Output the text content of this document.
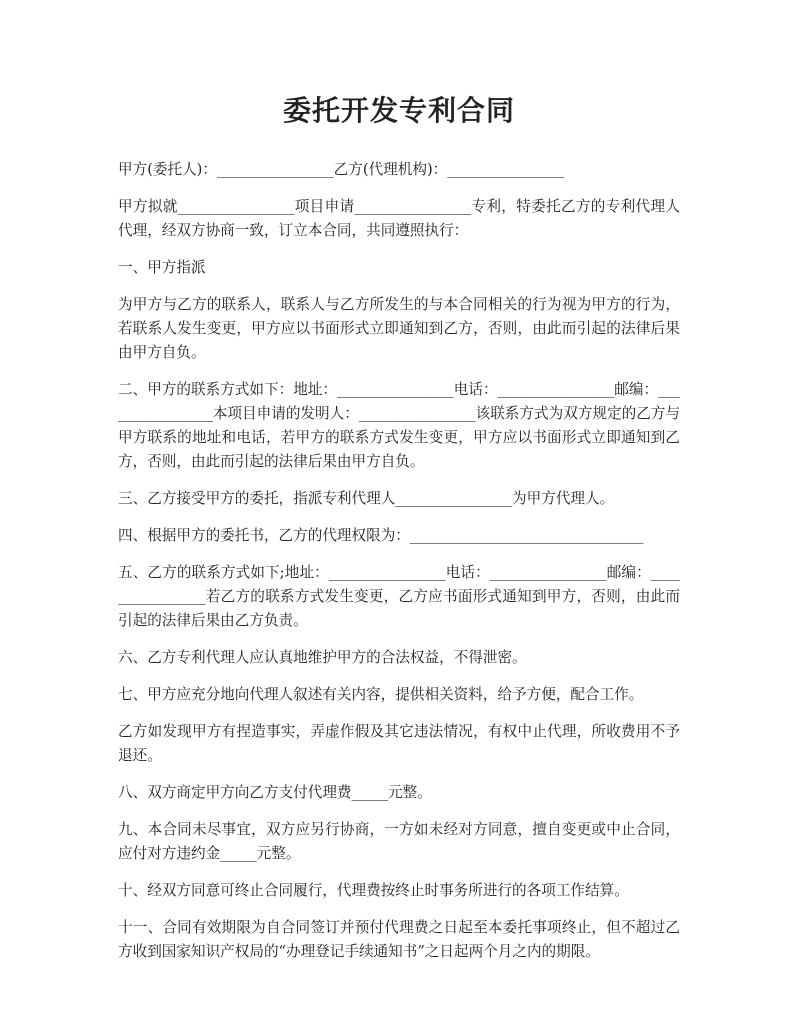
委托开发专利合同

甲方(委托人)：________________乙方(代理机构)：________________

甲方拟就________________项目申请________________专利，特委托乙方的专利代理人代理，经双方协商一致，订立本合同，共同遵照执行：

一、甲方指派

为甲方与乙方的联系人，联系人与乙方所发生的与本合同相关的行为视为甲方的行为，若联系人发生变更，甲方应以书面形式立即通知到乙方，否则，由此而引起的法律后果由甲方自负。

二、甲方的联系方式如下：地址：________________电话：________________邮编：________________本项目申请的发明人：________________该联系方式为双方规定的乙方与甲方联系的地址和电话，若甲方的联系方式发生变更，甲方应以书面形式立即通知到乙方，否则，由此而引起的法律后果由甲方自负。

三、乙方接受甲方的委托，指派专利代理人________________为甲方代理人。

四、根据甲方的委托书，乙方的代理权限为：________________________________

五、乙方的联系方式如下;地址：________________电话：________________邮编：________________若乙方的联系方式发生变更，乙方应书面形式通知到甲方，否则，由此而引起的法律后果由乙方负责。

六、乙方专利代理人应认真地维护甲方的合法权益，不得泄密。

七、甲方应充分地向代理人叙述有关内容，提供相关资料，给予方便，配合工作。

乙方如发现甲方有捏造事实，弄虚作假及其它违法情况，有权中止代理，所收费用不予退还。

八、双方商定甲方向乙方支付代理费_____元整。

九、本合同未尽事宜，双方应另行协商，一方如未经对方同意，擅自变更或中止合同，应付对方违约金_____元整。

十、经双方同意可终止合同履行，代理费按终止时事务所进行的各项工作结算。

十一、合同有效期限为自合同签订并预付代理费之日起至本委托事项终止，但不超过乙方收到国家知识产权局的“办理登记手续通知书”之日起两个月之内的期限。
